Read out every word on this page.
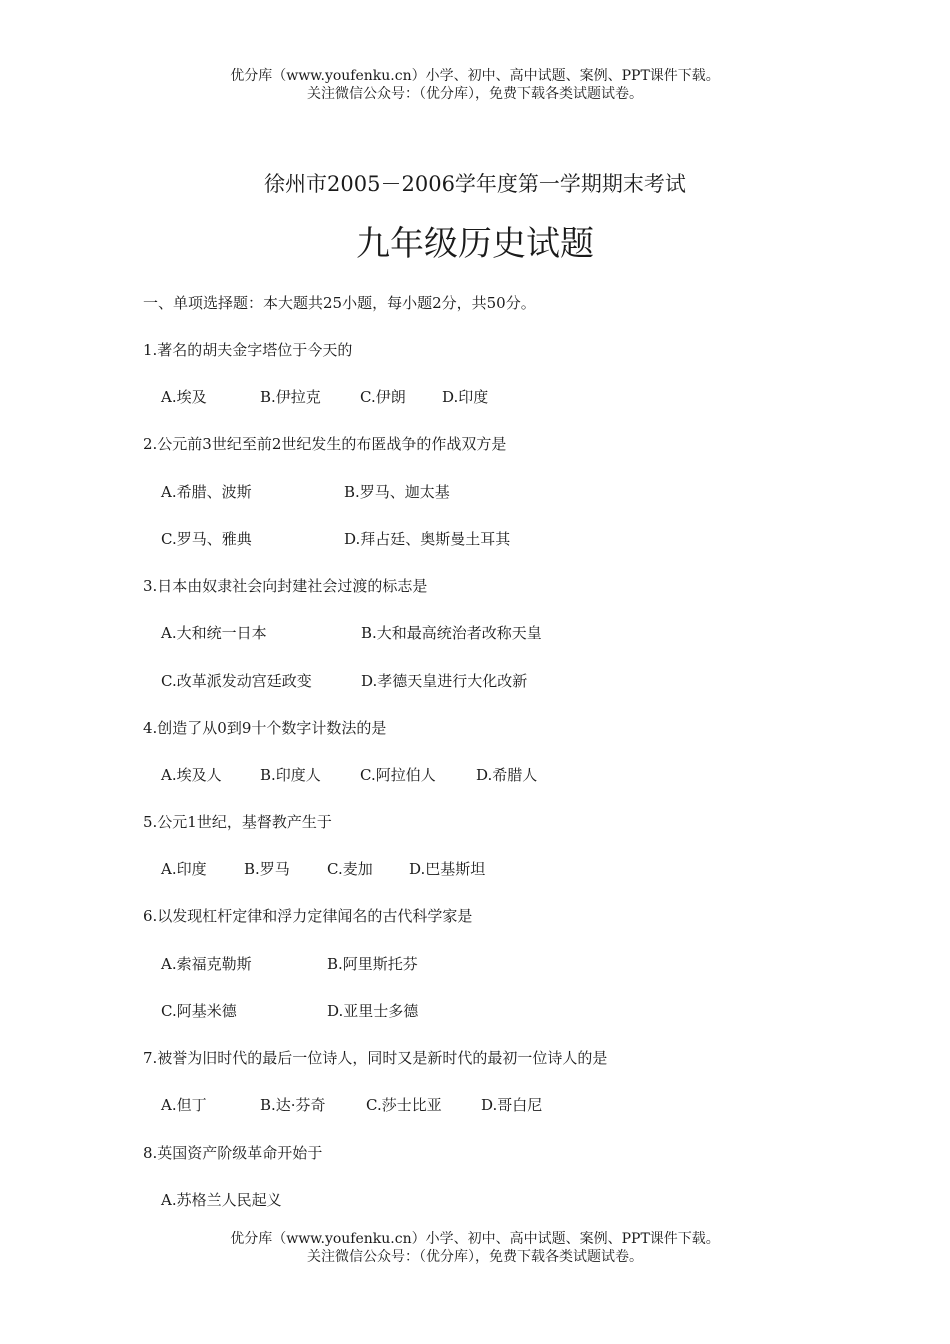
优分库（www.youfenku.cn）小学、初中、高中试题、案例、PPT课件下载。
关注微信公众号：（优分库），免费下载各类试题试卷。
徐州市2005－2006学年度第一学期期末考试
九年级历史试题
一、单项选择题：本大题共25小题，每小题2分，共50分。
1.著名的胡夫金字塔位于今天的
A.埃及	B.伊拉克	C.伊朗 D.印度
2.公元前3世纪至前2世纪发生的布匿战争的作战双方是
A.希腊、波斯	B.罗马、迦太基
C.罗马、雅典	D.拜占廷、奥斯曼土耳其
3.日本由奴隶社会向封建社会过渡的标志是
A.大和统一日本	B.大和最高统治者改称天皇
C.改革派发动宫廷政变	D.孝德天皇进行大化改新
4.创造了从0到9十个数字计数法的是
A.埃及人	B.印度人	C.阿拉伯人	D.希腊人
5.公元1世纪，基督教产生于
A.印度 B.罗马 C.麦加 D.巴基斯坦
6.以发现杠杆定律和浮力定律闻名的古代科学家是
A.索福克勒斯	B.阿里斯托芬
C.阿基米德	D.亚里士多德
7.被誉为旧时代的最后一位诗人，同时又是新时代的最初一位诗人的是
A.但丁	B.达·芬奇	C.莎士比亚	D.哥白尼
8.英国资产阶级革命开始于
A.苏格兰人民起义
优分库（www.youfenku.cn）小学、初中、高中试题、案例、PPT课件下载。
关注微信公众号：（优分库），免费下载各类试题试卷。
